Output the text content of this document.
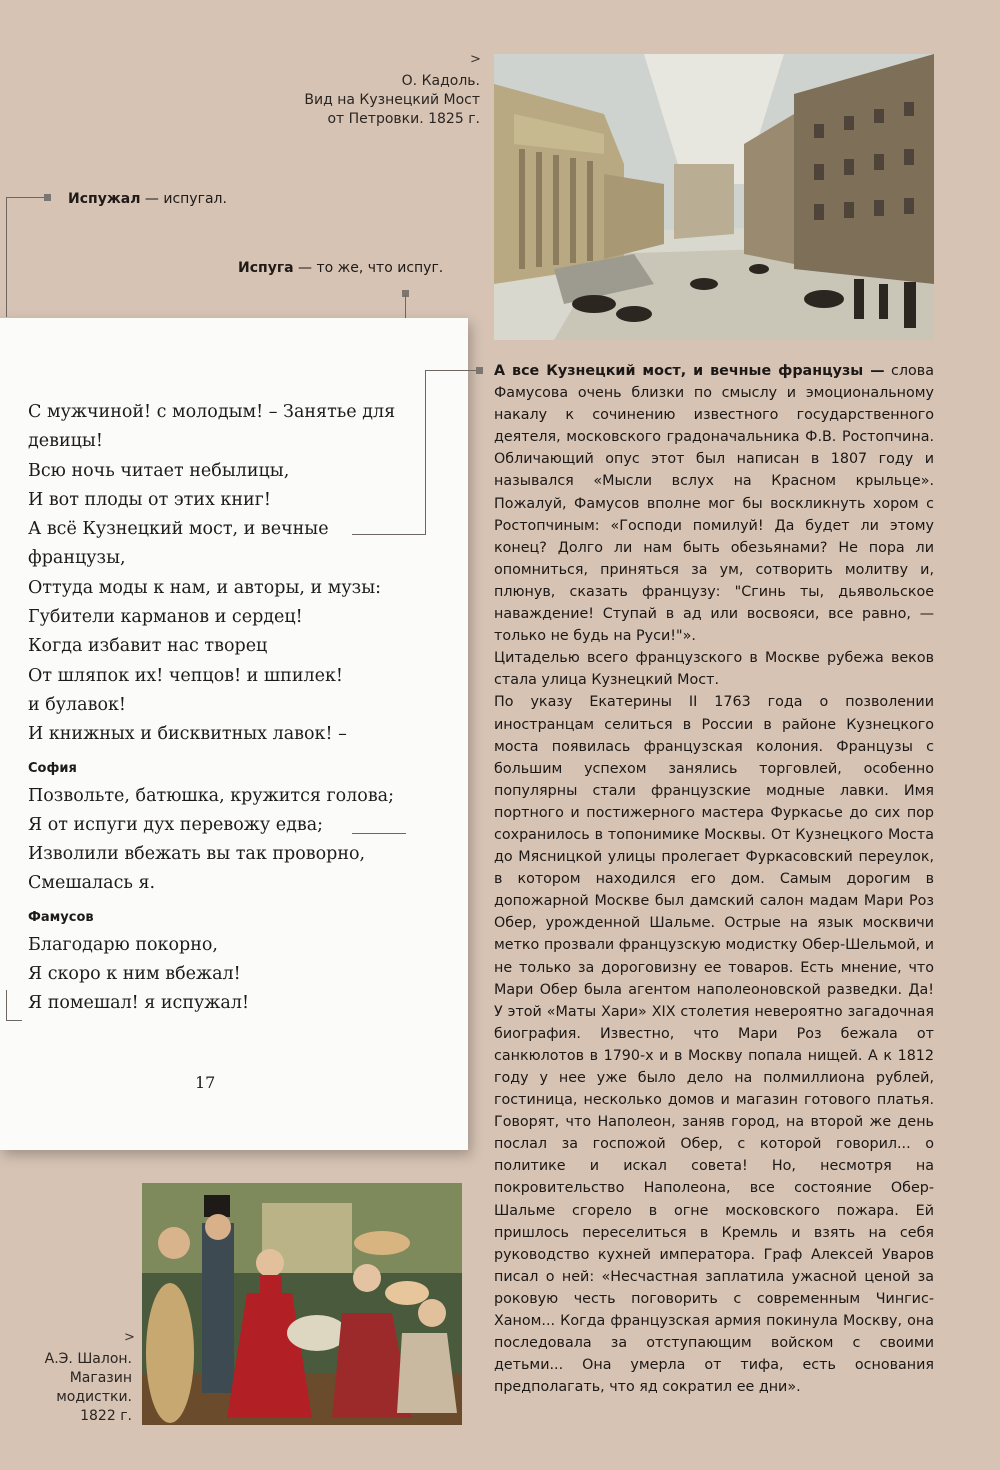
>
О. Кадоль.
Вид на Кузнецкий Мост
от Петровки. 1825 г.
Испужал — испугал.
Испуга — то же, что испуг.
С мужчиной! с молодым! – Занятье для
девицы!
Всю ночь читает небылицы,
И вот плоды от этих книг!
А всё Кузнецкий мост, и вечные
французы,
Оттуда моды к нам, и авторы, и музы:
Губители карманов и сердец!
Когда избавит нас творец
От шляпок их! чепцов! и шпилек!
и булавок!
И книжных и бисквитных лавок! –
София
Позвольте, батюшка, кружится голова;
Я от испуги дух перевожу едва;
Изволили вбежать вы так проворно,
Смешалась я.
Фамусов
Благодарю покорно,
Я скоро к ним вбежал!
Я помешал! я испужал!
17

А все Кузнецкий мост, и вечные французы — слова Фамусова очень близки по смыслу и эмоциональному накалу к сочинению известного государственного деятеля, московского градоначальника Ф.В. Ростопчина. Обличающий опус этот был написан в 1807 году и назывался «Мысли вслух на Красном крыльце». Пожалуй, Фамусов вполне мог бы воскликнуть хором с Ростопчиным: «Господи помилуй! Да будет ли этому конец? Долго ли нам быть обезьянами? Не пора ли опомниться, приняться за ум, сотворить молитву и, плюнув, сказать французу: "Сгинь ты, дьявольское наваждение! Ступай в ад или восвояси, все равно, — только не будь на Руси!"».

Цитаделью всего французского в Москве рубежа веков стала улица Кузнецкий Мост.

По указу Екатерины II 1763 года о позволении иностранцам селиться в России в районе Кузнецкого моста появилась французская колония. Французы с большим успехом занялись торговлей, особенно популярны стали французские модные лавки. Имя портного и постижерного мастера Фуркасье до сих пор сохранилось в топонимике Москвы. От Кузнецкого Моста до Мясницкой улицы пролегает Фуркасовский переулок, в котором находился его дом. Самым дорогим в допожарной Москве был дамский салон мадам Мари Роз Обер, урожденной Шальме. Острые на язык москвичи метко прозвали французскую модистку Обер-Шельмой, и не только за дороговизну ее товаров. Есть мнение, что Мари Обер была агентом наполеоновской разведки. Да! У этой «Маты Хари» XIX столетия невероятно загадочная биография. Известно, что Мари Роз бежала от санкюлотов в 1790-х и в Москву попала нищей. А к 1812 году у нее уже было дело на полмиллиона рублей, гостиница, несколько домов и магазин готового платья. Говорят, что Наполеон, заняв город, на второй же день послал за госпожой Обер, с которой говорил... о политике и искал совета! Но, несмотря на покровительство Наполеона, все состояние Обер-Шальме сгорело в огне московского пожара. Ей пришлось переселиться в Кремль и взять на себя руководство кухней императора. Граф Алексей Уваров писал о ней: «Несчастная заплатила ужасной ценой за роковую честь поговорить с современным Чингис-Ханом... Когда французская армия покинула Москву, она последовала за отступающим войском с своими детьми... Она умерла от тифа, есть основания предполагать, что яд сократил ее дни».

>
А.Э. Шалон.
Магазин
модистки.
1822 г.
